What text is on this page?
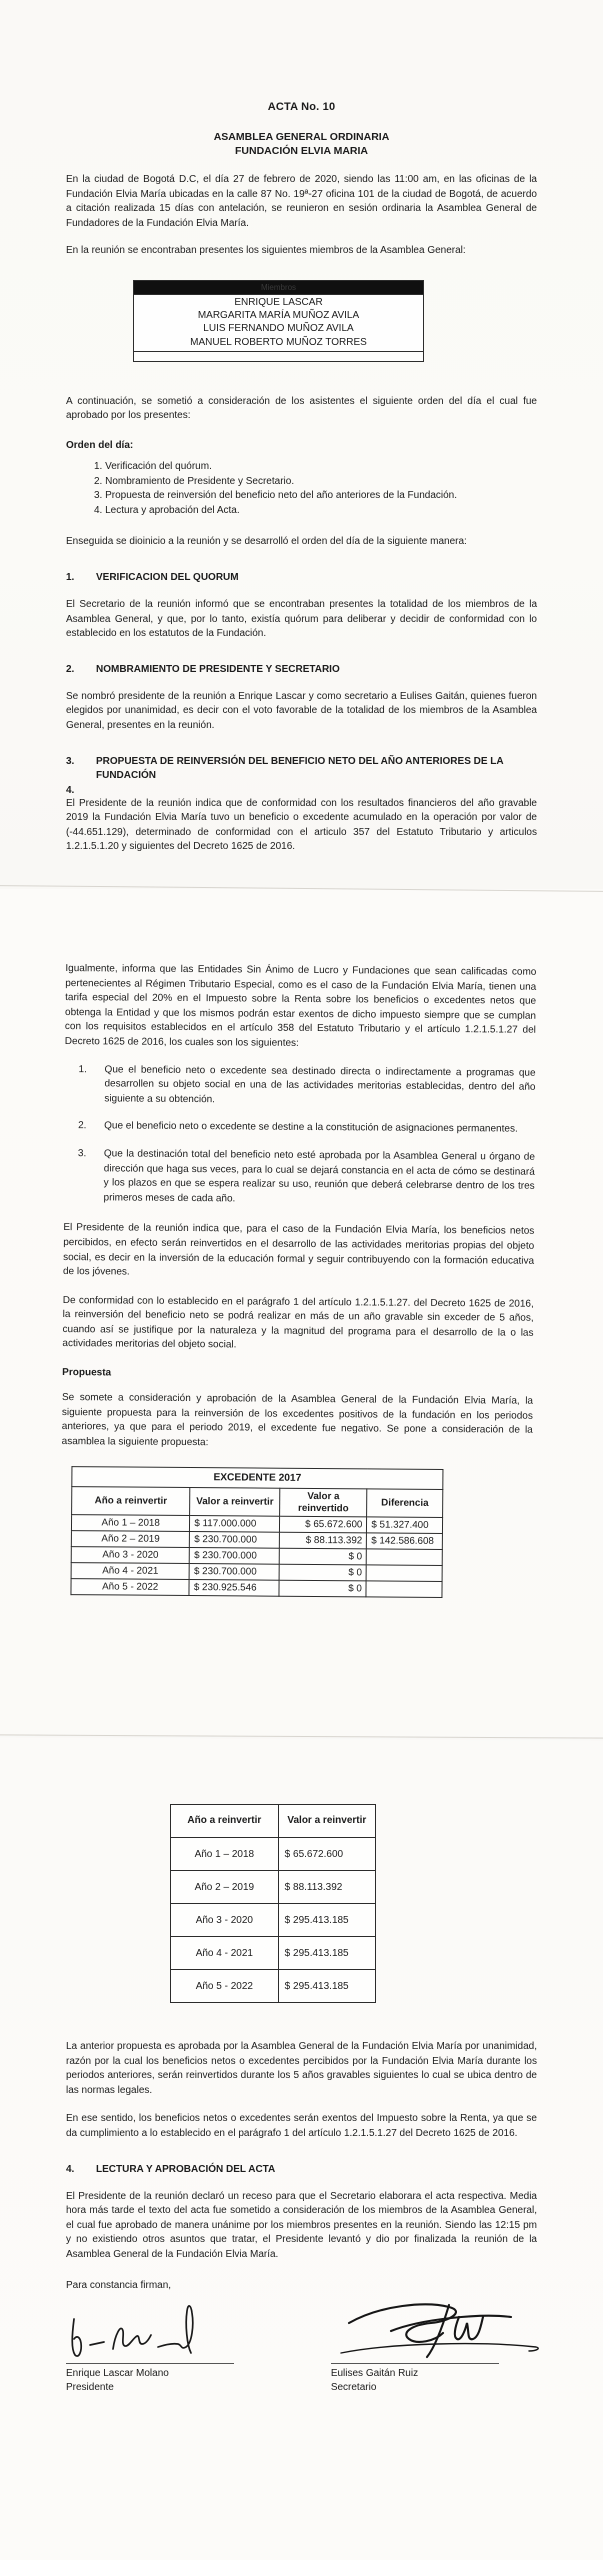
ACTA No. 10
ASAMBLEA GENERAL ORDINARIA
FUNDACIÓN ELVIA MARIA

En la ciudad de Bogotá D.C, el día 27 de febrero de 2020, siendo las 11:00 am, en las oficinas de la Fundación Elvia María ubicadas en la calle 87 No. 19ª-27 oficina 101 de la ciudad de Bogotá, de acuerdo a citación realizada 15 días con antelación, se reunieron en sesión ordinaria la Asamblea General de Fundadores de la Fundación Elvia María.

En la reunión se encontraban presentes los siguientes miembros de la Asamblea General:

Miembros
ENRIQUE LASCAR
MARGARITA MARÍA MUÑOZ AVILA
LUIS FERNANDO MUÑOZ AVILA
MANUEL ROBERTO MUÑOZ TORRES

A continuación, se sometió a consideración de los asistentes el siguiente orden del día el cual fue aprobado por los presentes:

Orden del día:
1. Verificación del quórum.
2. Nombramiento de Presidente y Secretario.
3. Propuesta de reinversión del beneficio neto del año anteriores de la Fundación.
4. Lectura y aprobación del Acta.

Enseguida se dioinicio a la reunión y se desarrolló el orden del día de la siguiente manera:

1.	VERIFICACION DEL QUORUM

El Secretario de la reunión informó que se encontraban presentes la totalidad de los miembros de la Asamblea General, y que, por lo tanto, existía quórum para deliberar y decidir de conformidad con lo establecido en los estatutos de la Fundación.

2.	NOMBRAMIENTO DE PRESIDENTE Y SECRETARIO

Se nombró presidente de la reunión a Enrique Lascar y como secretario a Eulises Gaitán, quienes fueron elegidos por unanimidad, es decir con el voto favorable de la totalidad de los miembros de la Asamblea General, presentes en la reunión.

3.	PROPUESTA DE REINVERSIÓN DEL BENEFICIO NETO DEL AÑO ANTERIORES DE LA FUNDACIÓN
4.

El Presidente de la reunión indica que de conformidad con los resultados financieros del año gravable 2019 la Fundación Elvia María tuvo un beneficio o excedente acumulado en la operación por valor de (-44.651.129), determinado de conformidad con el articulo 357 del Estatuto Tributario y articulos 1.2.1.5.1.20 y siguientes del Decreto 1625 de 2016.

Igualmente, informa que las Entidades Sin Ánimo de Lucro y Fundaciones que sean calificadas como pertenecientes al Régimen Tributario Especial, como es el caso de la Fundación Elvia María, tienen una tarifa especial del 20% en el Impuesto sobre la Renta sobre los beneficios o excedentes netos que obtenga la Entidad y que los mismos podrán estar exentos de dicho impuesto siempre que se cumplan con los requisitos establecidos en el artículo 358 del Estatuto Tributario y el artículo 1.2.1.5.1.27 del Decreto 1625 de 2016, los cuales son los siguientes:

1.	Que el beneficio neto o excedente sea destinado directa o indirectamente a programas que desarrollen su objeto social en una de las actividades meritorias establecidas, dentro del año siguiente a su obtención.
2.	Que el beneficio neto o excedente se destine a la constitución de asignaciones permanentes.
3.	Que la destinación total del beneficio neto esté aprobada por la Asamblea General u órgano de dirección que haga sus veces, para lo cual se dejará constancia en el acta de cómo se destinará y los plazos en que se espera realizar su uso, reunión que deberá celebrarse dentro de los tres primeros meses de cada año.

El Presidente de la reunión indica que, para el caso de la Fundación Elvia María, los beneficios netos percibidos, en efecto serán reinvertidos en el desarrollo de las actividades meritorias propias del objeto social, es decir en la inversión de la educación formal y seguir contribuyendo con la formación educativa de los jóvenes.

De conformidad con lo establecido en el parágrafo 1 del artículo 1.2.1.5.1.27. del Decreto 1625 de 2016, la reinversión del beneficio neto se podrá realizar en más de un año gravable sin exceder de 5 años, cuando así se justifique por la naturaleza y la magnitud del programa para el desarrollo de la o las actividades meritorias del objeto social.

Propuesta

Se somete a consideración y aprobación de la Asamblea General de la Fundación Elvia María, la siguiente propuesta para la reinversión de los excedentes positivos de la fundación en los periodos anteriores, ya que para el periodo 2019, el excedente fue negativo. Se pone a consideración de la asamblea la siguiente propuesta:

EXCEDENTE 2017			
Año a reinvertir	Valor a reinvertir	Valor a reinvertido	Diferencia
Año 1 – 2018	$ 117.000.000	$ 65.672.600	$ 51.327.400
Año 2 – 2019	$ 230.700.000	$ 88.113.392	$ 142.586.608
Año 3 - 2020	$ 230.700.000	$ 0	
Año 4 - 2021	$ 230.700.000	$ 0	
Año 5 - 2022	$ 230.925.546	$ 0	
Año a reinvertir	Valor a reinvertir
Año 1 – 2018	$ 65.672.600
Año 2 – 2019	$ 88.113.392
Año 3 - 2020	$ 295.413.185
Año 4 - 2021	$ 295.413.185
Año 5 - 2022	$ 295.413.185

La anterior propuesta es aprobada por la Asamblea General de la Fundación Elvia María por unanimidad, razón por la cual los beneficios netos o excedentes percibidos por la Fundación Elvia María durante los periodos anteriores, serán reinvertidos durante los 5 años gravables siguientes lo cual se ubica dentro de las normas legales.

En ese sentido, los beneficios netos o excedentes serán exentos del Impuesto sobre la Renta, ya que se da cumplimiento a lo establecido en el parágrafo 1 del artículo 1.2.1.5.1.27 del Decreto 1625 de 2016.

4.	LECTURA Y APROBACIÓN DEL ACTA

El Presidente de la reunión declaró un receso para que el Secretario elaborara el acta respectiva. Media hora más tarde el texto del acta fue sometido a consideración de los miembros de la Asamblea General, el cual fue aprobado de manera unánime por los miembros presentes en la reunión. Siendo las 12:15 pm y no existiendo otros asuntos que tratar, el Presidente levantó y dio por finalizada la reunión de la Asamblea General de la Fundación Elvia María.

Para constancia firman,

Enrique Lascar Molano
Presidente
Eulises Gaitán Ruiz
Secretario
